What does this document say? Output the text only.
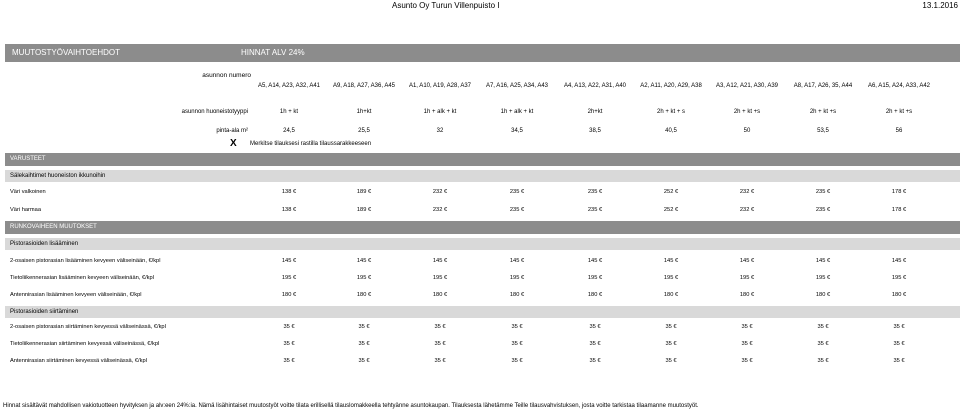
Asunto Oy Turun Villenpuisto I	13.1.2016
MUUTOSTYÖVAIHTOEHDOT	HINNAT ALV 24%
asunnon numero
A5, A14, A23, A32, A41	A9, A18, A27, A36, A45	A1, A10, A19, A28, A37	A7, A16, A25, A34, A43	A4, A13, A22, A31, A40	A2, A11, A20, A29, A38	A3, A12, A21, A30, A39	A8, A17, A26, 35, A44	A6, A15, A24, A33, A42
asunnon huoneistotyyppi	1h + kt	1h+kt	1h + alk + kt	1h + alk + kt	2h+kt	2h + kt + s	2h + kt +s	2h + kt +s	2h + kt +s
pinta-ala m²	24,5	25,5	32	34,5	38,5	40,5	50	53,5	56
X Merkitse tilauksesi rastilla tilaussarakkeeseen
VARUSTEET
Sälekaihtimet huoneiston ikkunoihin
Väri valkoinen	138 €	189 €	232 €	235 €	235 €	252 €	232 €	235 €	178 €
Väri harmaa	138 €	189 €	232 €	235 €	235 €	252 €	232 €	235 €	178 €
RUNKOVAIHEEN MUUTOKSET
Pistorasioiden lisääminen
2-osaisen pistorasian lisääminen kevyeen väliseinään, €/kpl	145 €	145 €	145 €	145 €	145 €	145 €	145 €	145 €	145 €
Tietoliikennerasian lisääminen kevyeen väliseinään, €/kpl	195 €	195 €	195 €	195 €	195 €	195 €	195 €	195 €	195 €
Antennirasian lisääminen kevyeen väliseinään, €/kpl	180 €	180 €	180 €	180 €	180 €	180 €	180 €	180 €	180 €
Pistorasioiden siirtäminen
2-osaisen pistorasian siirtäminen kevyessä väliseinässä, €/kpl	35 €	35 €	35 €	35 €	35 €	35 €	35 €	35 €	35 €
Tietoliikennerasian siirtäminen kevyessä väliseinässä, €/kpl	35 €	35 €	35 €	35 €	35 €	35 €	35 €	35 €	35 €
Antennirasian siirtäminen kevyessä väliseinässä, €/kpl	35 €	35 €	35 €	35 €	35 €	35 €	35 €	35 €	35 €
Hinnat sisältävät mahdollisen vakiotuotteen hyvityksen ja alv:een 24%:ia. Nämä lisähintaiset muutostyöt voitte tilata erillisellä tilauslomakkeella tehtyänne asuntokaupan. Tilauksesta lähetämme Teille tilausvahvistuksen, josta voitte tarkistaa tilaamanne muutostyöt.
